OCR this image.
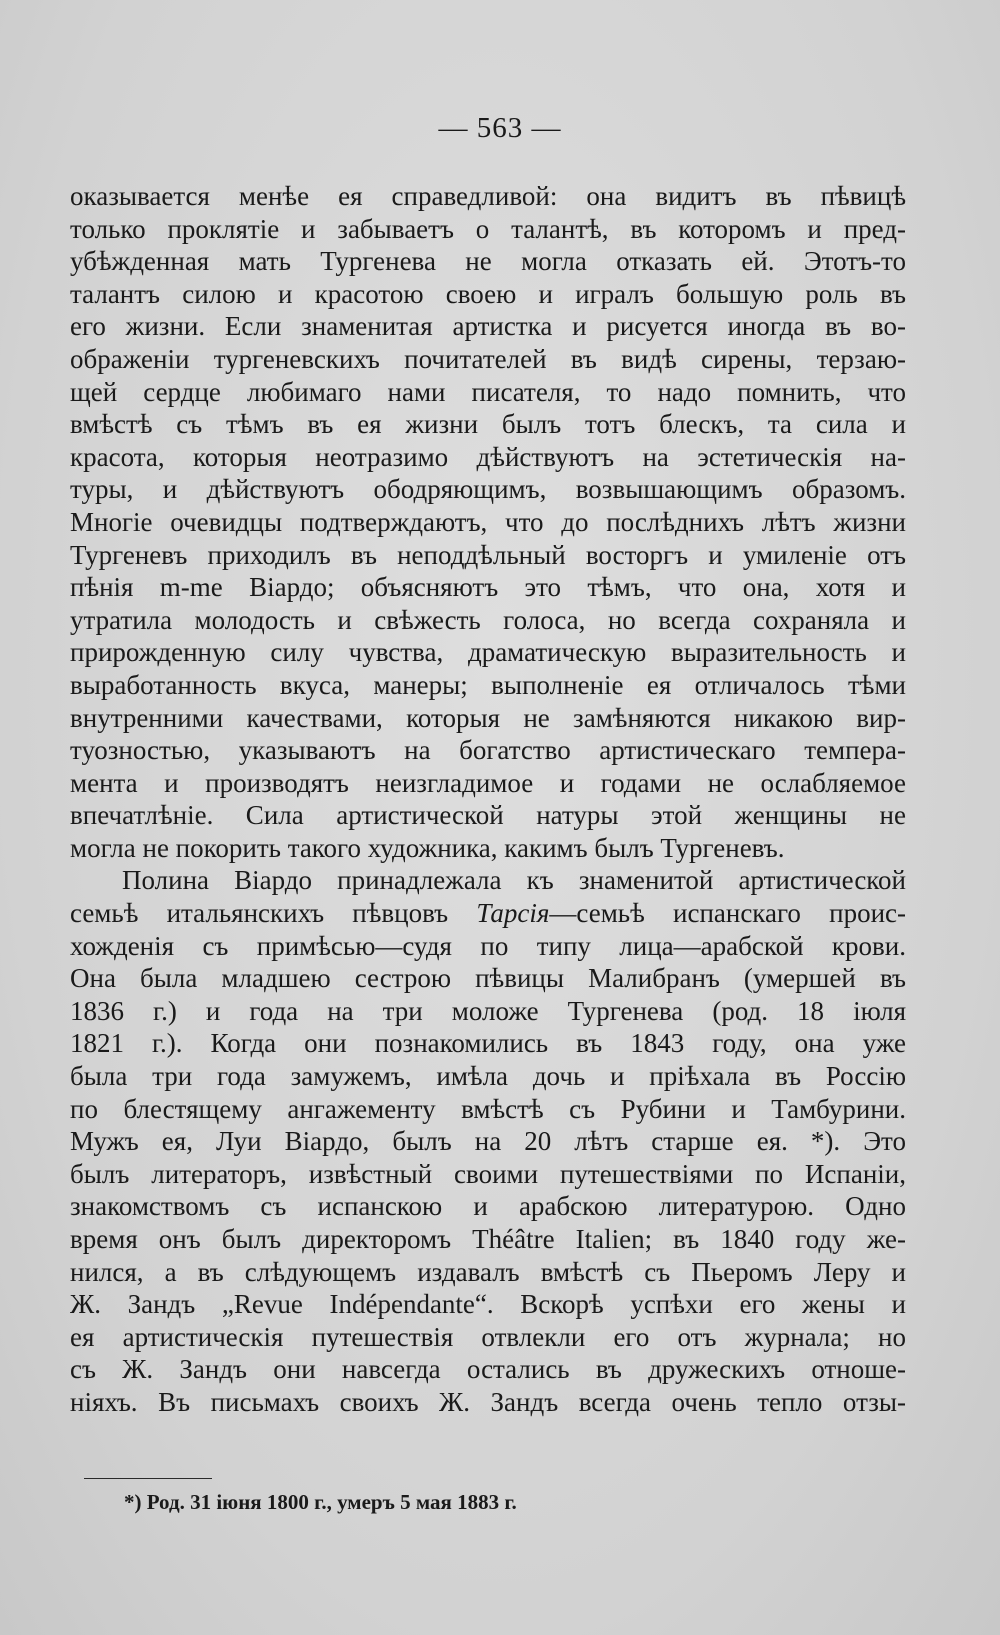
— 563 —
оказывается менѣе ея справедливой: она видитъ въ пѣвицѣ
только проклятіе и забываетъ о талантѣ, въ которомъ и пред-
убѣжденная мать Тургенева не могла отказать ей. Этотъ-то
талантъ силою и красотою своею и игралъ большую роль въ
его жизни. Если знаменитая артистка и рисуется иногда въ во-
ображеніи тургеневскихъ почитателей въ видѣ сирены, терзаю-
щей сердце любимаго нами писателя, то надо помнить, что
вмѣстѣ съ тѣмъ въ ея жизни былъ тотъ блескъ, та сила и
красота, которыя неотразимо дѣйствуютъ на эстетическія на-
туры, и дѣйствуютъ ободряющимъ, возвышающимъ образомъ.
Многіе очевидцы подтверждаютъ, что до послѣднихъ лѣтъ жизни
Тургеневъ приходилъ въ неподдѣльный восторгъ и умиленіе отъ
пѣнія m-me Віардо; объясняютъ это тѣмъ, что она, хотя и
утратила молодость и свѣжесть голоса, но всегда сохраняла и
прирожденную силу чувства, драматическую выразительность и
выработанность вкуса, манеры; выполненіе ея отличалось тѣми
внутренними качествами, которыя не замѣняются никакою вир-
туозностью, указываютъ на богатство артистическаго темпера-
мента и производятъ неизгладимое и годами не ослабляемое
впечатлѣніе. Сила артистической натуры этой женщины не
могла не покорить такого художника, какимъ былъ Тургеневъ.
Полина Віардо принадлежала къ знаменитой артистической
семьѣ итальянскихъ пѣвцовъ Тарсія—семьѣ испанскаго проис-
хожденія съ примѣсью—судя по типу лица—арабской крови.
Она была младшею сестрою пѣвицы Малибранъ (умершей въ
1836 г.) и года на три моложе Тургенева (род. 18 іюля
1821 г.). Когда они познакомились въ 1843 году, она уже
была три года замужемъ, имѣла дочь и пріѣхала въ Россію
по блестящему ангажементу вмѣстѣ съ Рубини и Тамбурини.
Мужъ ея, Луи Віардо, былъ на 20 лѣтъ старше ея. *). Это
былъ литераторъ, извѣстный своими путешествіями по Испаніи,
знакомствомъ съ испанскою и арабскою литературою. Одно
время онъ былъ директоромъ Théâtre Italien; въ 1840 году же-
нился, а въ слѣдующемъ издавалъ вмѣстѣ съ Пьеромъ Леру и
Ж. Зандъ „Revue Indépendante“. Вскорѣ успѣхи его жены и
ея артистическія путешествія отвлекли его отъ журнала; но
съ Ж. Зандъ они навсегда остались въ дружескихъ отноше-
ніяхъ. Въ письмахъ своихъ Ж. Зандъ всегда очень тепло отзы-
*) Род. 31 іюня 1800 г., умеръ 5 мая 1883 г.
